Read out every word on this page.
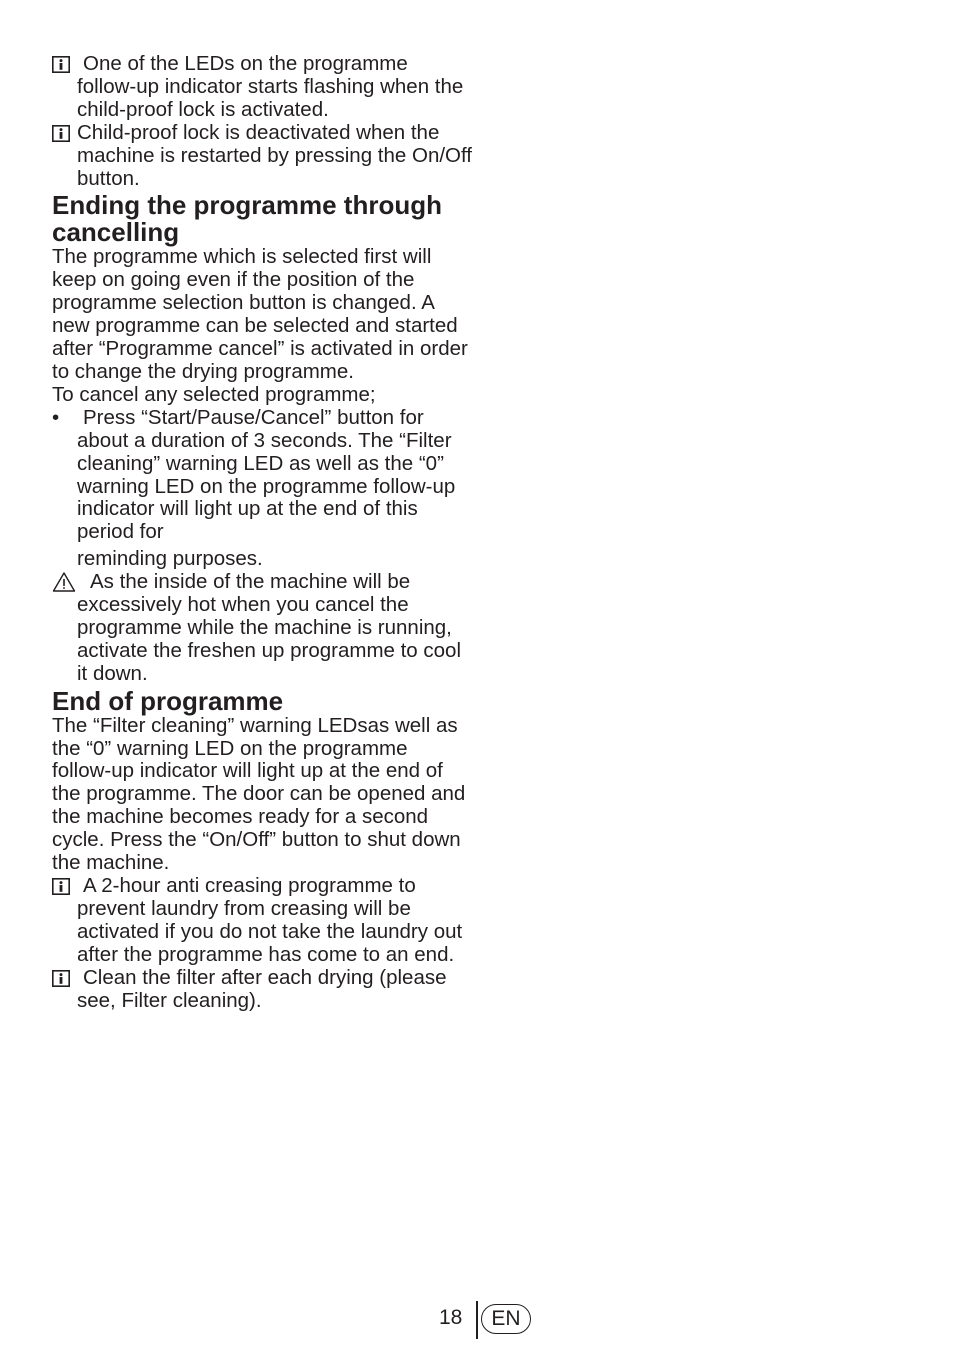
One of the LEDs on the programme follow-up indicator starts flashing when the child-proof lock is activated.

Child-proof lock is deactivated when the machine is restarted by pressing the On/Off button.

Ending the programme through cancelling

The programme which is selected first will keep on going even if the position of the programme selection button is changed. A new programme can be selected and started after “Programme cancel” is activated in order to change the drying programme.

To cancel any selected programme;

• Press “Start/Pause/Cancel” button for about a duration of 3 seconds. The “Filter cleaning” warning LED as well as the “0” warning LED on the programme follow-up indicator will light up at the end of this period for
reminding purposes.

As the inside of the machine will be excessively hot when you cancel the programme while the machine is running, activate the freshen up programme to cool it down.

End of programme

The “Filter cleaning” warning LEDsas well as the “0” warning LED on the programme follow-up indicator will light up at the end of the programme. The door can be opened and the machine becomes ready for a second cycle. Press the “On/Off” button to shut down the machine.

A 2-hour anti creasing programme to prevent laundry from creasing will be activated if you do not take the laundry out after the programme has come to an end.

Clean the filter after each drying (please see, Filter cleaning).

18	EN
